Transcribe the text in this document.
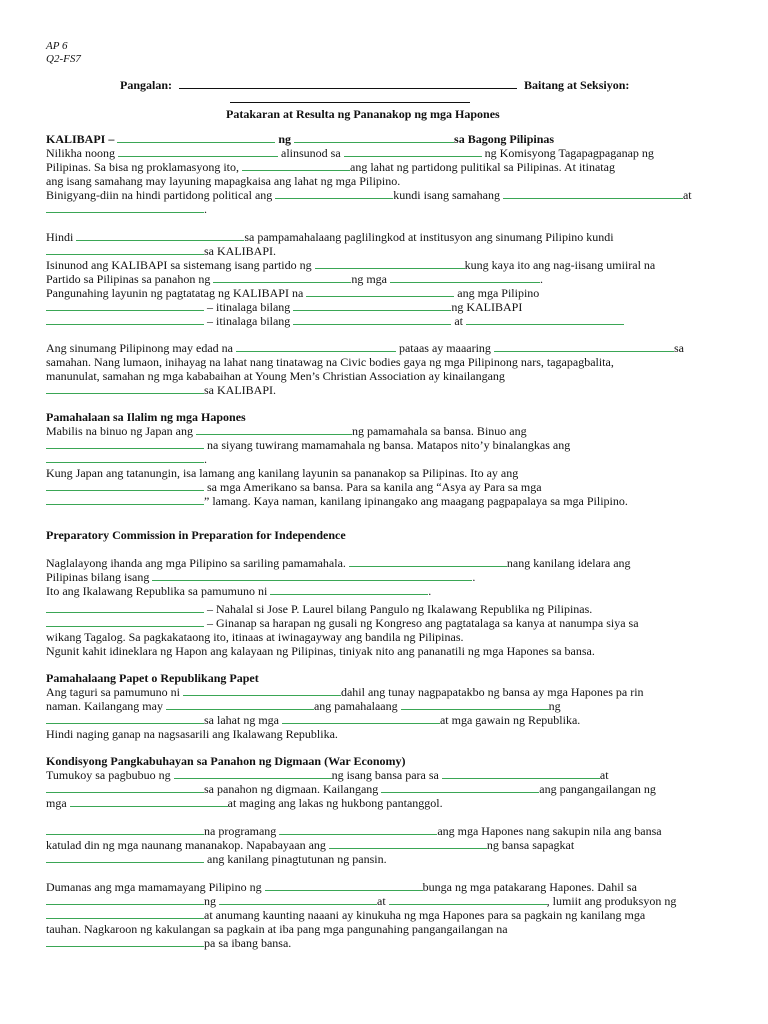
AP 6
Q2-FS7
Pangalan:	Baitang at Seksiyon:
Patakaran at Resulta ng Pananakop ng mga Hapones
KALIBAPI –	ng	sa Bagong Pilipinas
Nilikha noong	alinsunod sa	ng Komisyong Tagapagpaganap ng
Pilipinas. Sa bisa ng proklamasyong ito,	ang lahat ng partidong pulitikal sa Pilipinas. At itinatag
ang isang samahang may layuning mapagkaisa ang lahat ng mga Pilipino.
Binigyang-diin na hindi partidong political ang	kundi isang samahang	at
.
Hindi	sa pampamahalaang paglilingkod at institusyon ang sinumang Pilipino kundi
sa KALIBAPI.
Isinunod ang KALIBAPI sa sistemang isang partido ng	kung kaya ito ang nag-iisang umiiral na
Partido sa Pilipinas sa panahon ng	ng mga	.
Pangunahing layunin ng pagtatatag ng KALIBAPI na	ang mga Pilipino
– itinalaga bilang	ng KALIBAPI
– itinalaga bilang	at
Ang sinumang Pilipinong may edad na	pataas ay maaaring	sa
samahan. Nang lumaon, inihayag na lahat nang tinatawag na Civic bodies gaya ng mga Pilipinong nars, tagapagbalita,
manunulat, samahan ng mga kababaihan at Young Men’s Christian Association ay kinailangang
sa KALIBAPI.
Pamahalaan sa Ilalim ng mga Hapones
Mabilis na binuo ng Japan ang	ng pamamahala sa bansa. Binuo ang
na siyang tuwirang mamamahala ng bansa. Matapos nito’y binalangkas ang
.
Kung Japan ang tatanungin, isa lamang ang kanilang layunin sa pananakop sa Pilipinas. Ito ay ang
sa mga Amerikano sa bansa. Para sa kanila ang “Asya ay Para sa mga
” lamang. Kaya naman, kanilang ipinangako ang maagang pagpapalaya sa mga Pilipino.
Preparatory Commission in Preparation for Independence
Naglalayong ihanda ang mga Pilipino sa sariling pamamahala.	nang kanilang idelara ang
Pilipinas bilang isang	.
Ito ang Ikalawang Republika sa pamumuno ni	.
– Nahalal si Jose P. Laurel bilang Pangulo ng Ikalawang Republika ng Pilipinas.
– Ginanap sa harapan ng gusali ng Kongreso ang pagtatalaga sa kanya at nanumpa siya sa
wikang Tagalog. Sa pagkakataong ito, itinaas at iwinagayway ang bandila ng Pilipinas.
Ngunit kahit idineklara ng Hapon ang kalayaan ng Pilipinas, tiniyak nito ang pananatili ng mga Hapones sa bansa.
Pamahalaang Papet o Republikang Papet
Ang taguri sa pamumuno ni	dahil ang tunay nagpapatakbo ng bansa ay mga Hapones pa rin
naman. Kailangang may	ang pamahalaang	ng
sa lahat ng mga	at mga gawain ng Republika.
Hindi naging ganap na nagsasarili ang Ikalawang Republika.
Kondisyong Pangkabuhayan sa Panahon ng Digmaan (War Economy)
Tumukoy sa pagbubuo ng	ng isang bansa para sa	at
sa panahon ng digmaan. Kailangang	ang pangangailangan ng
mga	at maging ang lakas ng hukbong pantanggol.
na programang	ang mga Hapones nang sakupin nila ang bansa
katulad din ng mga naunang mananakop. Napabayaan ang	ng bansa sapagkat
ang kanilang pinagtutunan ng pansin.
Dumanas ang mga mamamayang Pilipino ng	bunga ng mga patakarang Hapones. Dahil sa
ng	at	, lumiit ang produksyon ng
at anumang kaunting naaani ay kinukuha ng mga Hapones para sa pagkain ng kanilang mga
tauhan. Nagkaroon ng kakulangan sa pagkain at iba pang mga pangunahing pangangailangan na
pa sa ibang bansa.
